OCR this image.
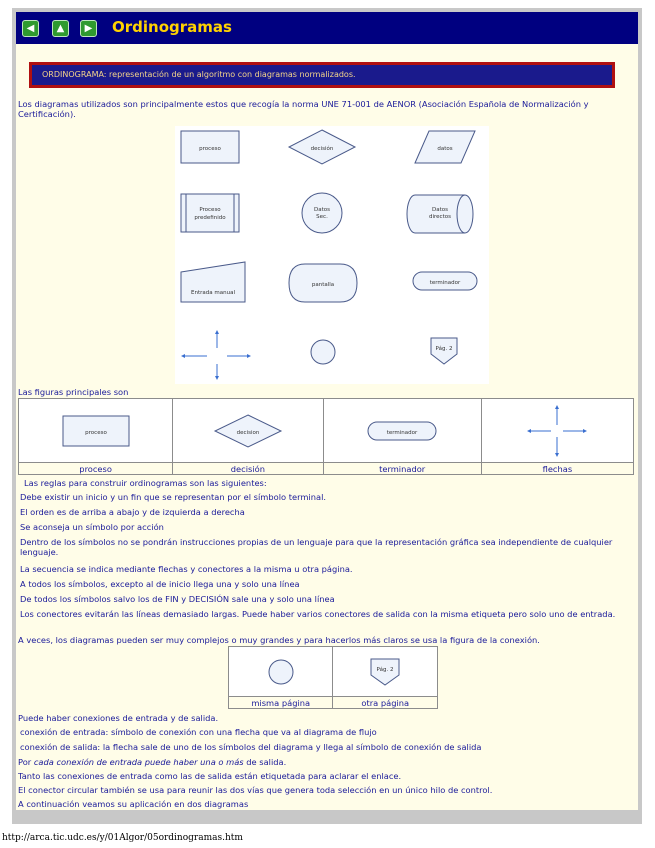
◀	▲	▶	Ordinogramas
ORDINOGRAMA: representación de un algoritmo con diagramas normalizados.
Los diagramas utilizados son principalmente estos que recogía la norma UNE 71-001 de AENOR (Asociación Española de Normalización y Certificación).
proceso	decisión	datos
Proceso
predefinido
Datos
Sec.
Datos
directos
Entrada manual
pantalla	terminador
Pág. 2
Las figuras principales son
proceso	decision	terminador

proceso	decisión	terminador	flechas
Las reglas para construir ordinogramas son las siguientes:
Debe existir un inicio y un fin que se representan por el símbolo terminal.
El orden es de arriba a abajo y de izquierda a derecha
Se aconseja un símbolo por acción
Dentro de los símbolos no se pondrán instrucciones propias de un lenguaje para que la representación gráfica sea independiente de cualquier lenguaje.
La secuencia se indica mediante flechas y conectores a la misma u otra página.
A todos los símbolos, excepto al de inicio llega una y solo una línea
De todos los símbolos salvo los de FIN y DECISIÓN sale una y solo una línea
Los conectores evitarán las líneas demasiado largas. Puede haber varios conectores de salida con la misma etiqueta pero solo uno de entrada.
A veces, los diagramas pueden ser muy complejos o muy grandes y para hacerlos más claros se usa la figura de la conexión.

Pág. 2

misma página	otra página
Puede haber conexiones de entrada y de salida.
conexión de entrada: símbolo de conexión con una flecha que va al diagrama de flujo
conexión de salida: la flecha sale de uno de los símbolos del diagrama y llega al símbolo de conexión de salida
Por cada conexión de entrada puede haber una o más de salida.
Tanto las conexiones de entrada como las de salida están etiquetada para aclarar el enlace.
El conector circular también se usa para reunir las dos vías que genera toda selección en un único hilo de control.
A continuación veamos su aplicación en dos diagramas
http://arca.tic.udc.es/y/01Algor/05ordinogramas.htm
